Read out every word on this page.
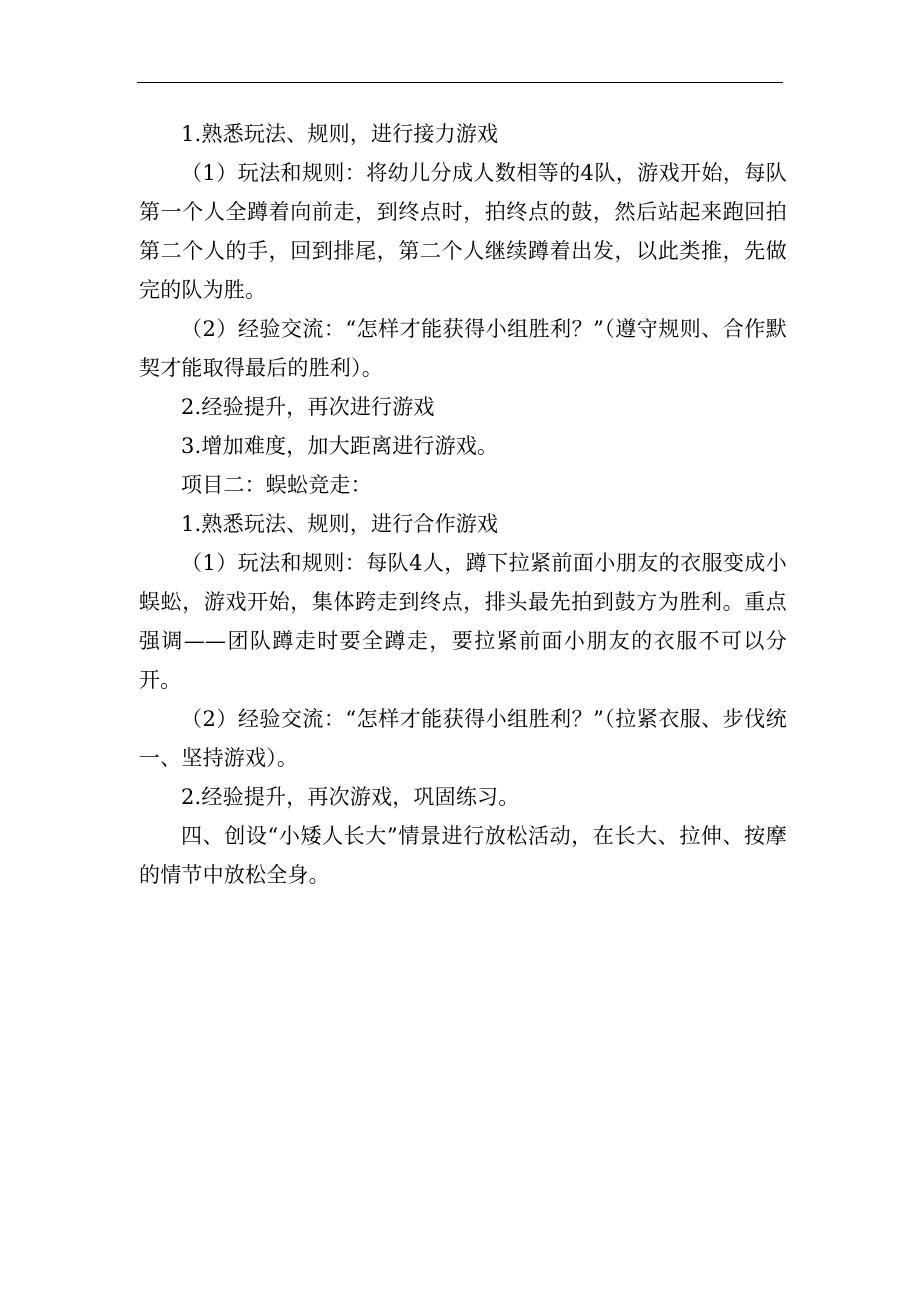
1.熟悉玩法、规则，进行接力游戏

（1）玩法和规则：将幼儿分成人数相等的4队，游戏开始，每队第一个人全蹲着向前走，到终点时，拍终点的鼓，然后站起来跑回拍第二个人的手，回到排尾，第二个人继续蹲着出发，以此类推，先做完的队为胜。

（2）经验交流：“怎样才能获得小组胜利？”（遵守规则、合作默契才能取得最后的胜利）。

2.经验提升，再次进行游戏

3.增加难度，加大距离进行游戏。

项目二：蜈蚣竞走：

1.熟悉玩法、规则，进行合作游戏

（1）玩法和规则：每队4人，蹲下拉紧前面小朋友的衣服变成小蜈蚣，游戏开始，集体跨走到终点，排头最先拍到鼓方为胜利。重点强调——团队蹲走时要全蹲走，要拉紧前面小朋友的衣服不可以分开。

（2）经验交流：“怎样才能获得小组胜利？”（拉紧衣服、步伐统一、坚持游戏）。

2.经验提升，再次游戏，巩固练习。

四、创设“小矮人长大”情景进行放松活动，在长大、拉伸、按摩的情节中放松全身。
